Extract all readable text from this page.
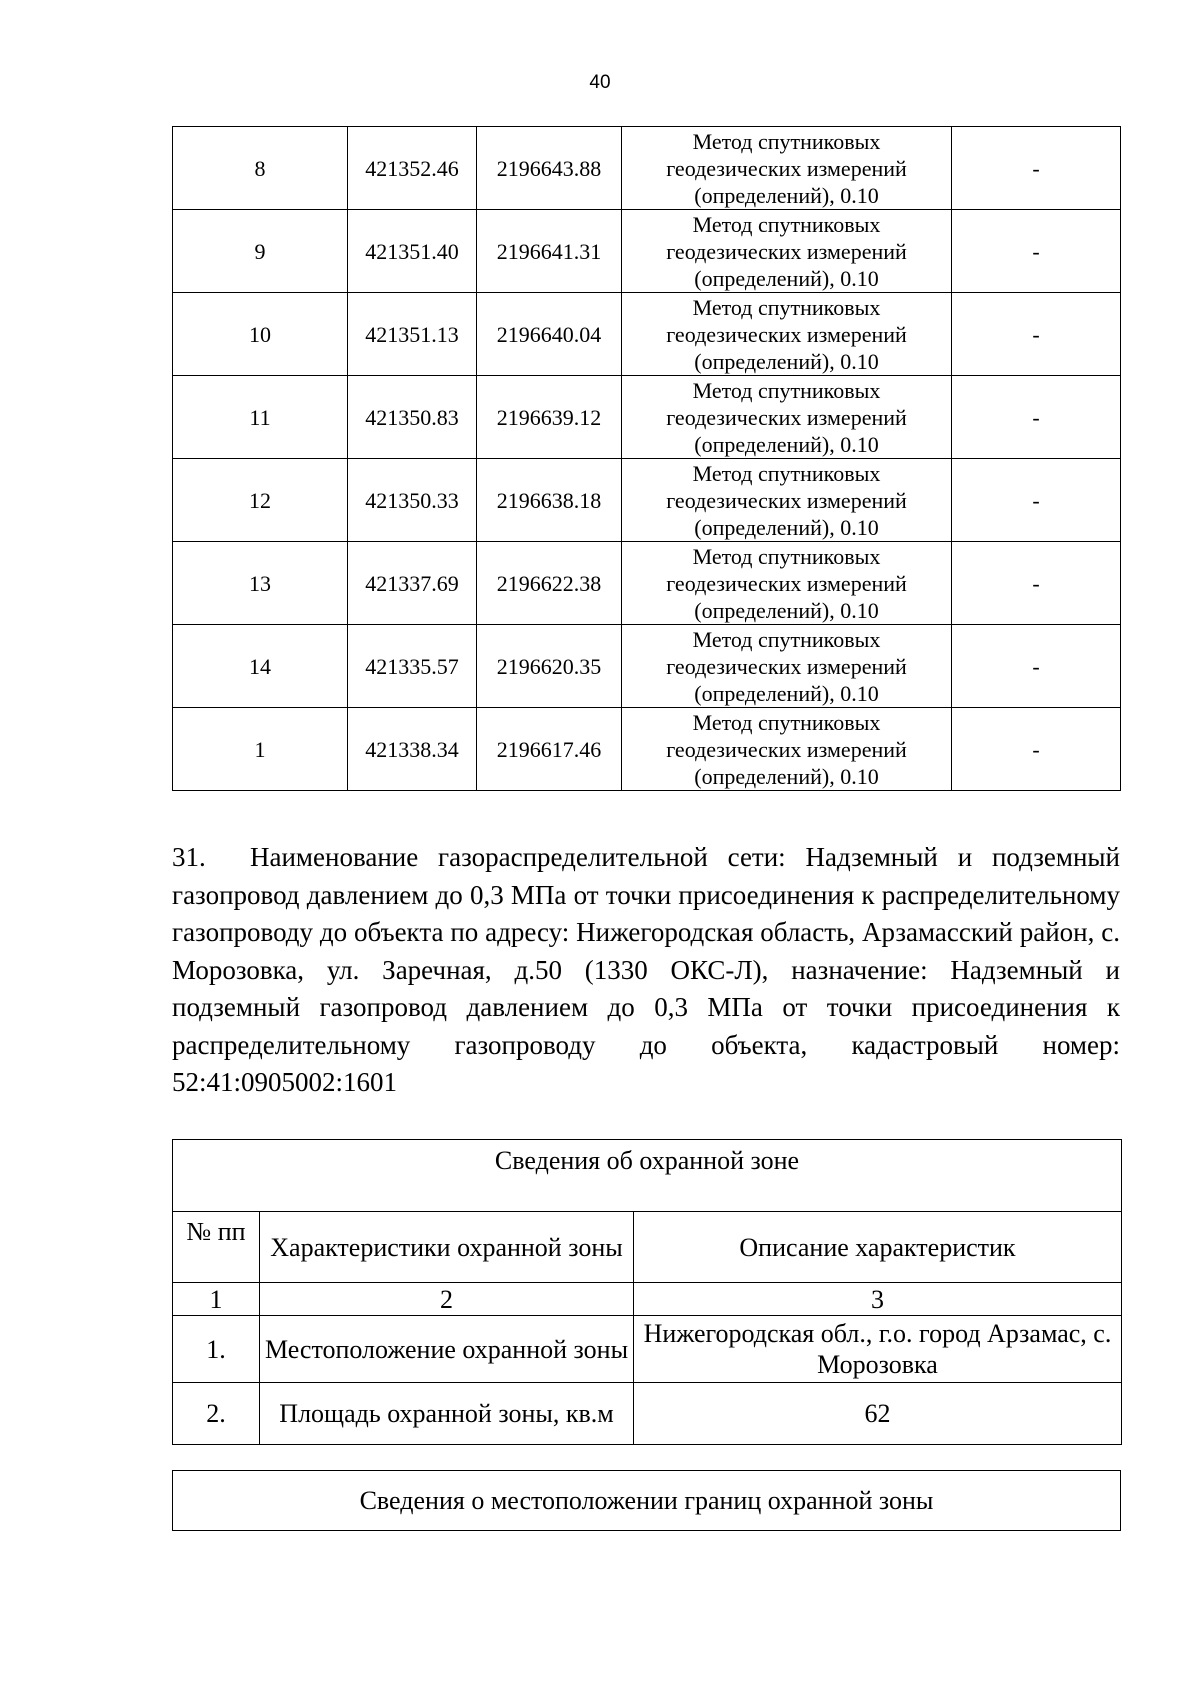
40
8	421352.46	2196643.88	Метод спутниковых
геодезических измерений
(определений), 0.10	-
9	421351.40	2196641.31	Метод спутниковых
геодезических измерений
(определений), 0.10	-
10	421351.13	2196640.04	Метод спутниковых
геодезических измерений
(определений), 0.10	-
11	421350.83	2196639.12	Метод спутниковых
геодезических измерений
(определений), 0.10	-
12	421350.33	2196638.18	Метод спутниковых
геодезических измерений
(определений), 0.10	-
13	421337.69	2196622.38	Метод спутниковых
геодезических измерений
(определений), 0.10	-
14	421335.57	2196620.35	Метод спутниковых
геодезических измерений
(определений), 0.10	-
1	421338.34	2196617.46	Метод спутниковых
геодезических измерений
(определений), 0.10	-
31. Наименование газораспределительной сети: Надземный и подземный газопровод давлением до 0,3 МПа от точки присоединения к распределительному газопроводу до объекта по адресу: Нижегородская область, Арзамасский район, с. Морозовка, ул. Заречная, д.50 (1330 ОКС-Л), назначение: Надземный и подземный газопровод давлением до 0,3 МПа от точки присоединения к распределительному газопроводу до объекта, кадастровый номер: 52:41:0905002:1601
Сведения об охранной зоне		
№ пп	Характеристики охранной зоны	Описание характеристик
1	2	3
1.	Местоположение охранной зоны	Нижегородская обл., г.о. город Арзамас, с. Морозовка
2.	Площадь охранной зоны, кв.м	62
Сведения о местоположении границ охранной зоны
